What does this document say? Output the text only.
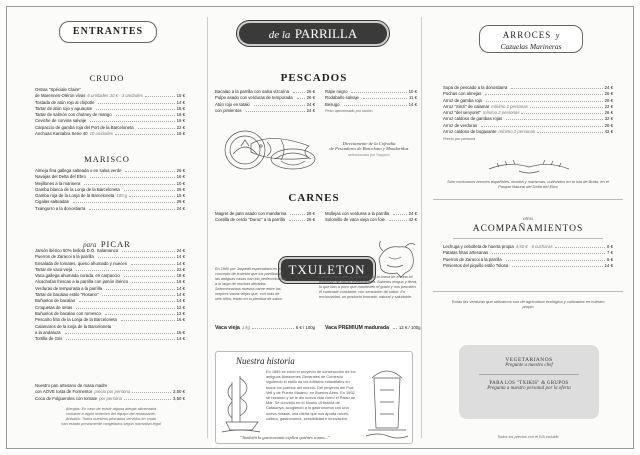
ENTRANTES
CRUDO
Ostras "Spéciale Claire"
de Marennes-Oléron vivas 6 unidades 30 € · 3 unidades	15 €
Tostada de atún rojo al chipotle	14 €
Tartar de atún rojo y aguacate	18 €
Tartar de salmón con chutney de mango	16 €
Ceviche de corvina salvaje	16 €
Carpaccio de gamba roja del Port de la Barceloneta	22 €
Anchoas Kantabra Serie 40 10 unidades	18 €
MARISCO
Almeja fina gallega salteada o en salsa verde	26 €
Navajas del Delta del Ebro	16 €
Mejillones a la marinera	10 €
Gamba blanca de la Lonja de la Barceloneta	26 €
Gamba roja de la Lonja de la Barceloneta 100 g	15 €
Cigalas salteadas	28 €
Txangurro a la donostiarra	24 €
para PICAR
Jamón ibérico 50% bellota D.O. Salamanca	24 €
Puerros de Zaracoi a la parrilla	14 €
Ensalada de tomates, queso ahumado y nueces	14 €
Tartar de vaca vieja	22 €
Vaca gallega ahumada curada, en carpaccio	18 €
Alcachofas frescas a la parrilla con jamón ibérico	16 €
Verduras de temporada a la parrilla	14 €
Tartar de bacalao estilo "Rosario"	14 €
Buñuelos de bacalao	14 €
Croquetas de setas	12 €
Buñuelos de bacalao con romesco	12 €
Pescaíto frito de la Lonja de la Barceloneta	16 €
Calamares de la lonja de la Barceloneta
a la andaluza	16 €
Tortilla de Gris	14 €
Nuestro pan artesano de masa madre
con AOVE tosta de Formentor precio por persona	2,50 €
Coca de Folgueroles con tomate por persona	3,50 €
Alergias: En caso de existir alguna alergia alimentaria
contacte a algún miembro del equipo del restaurante.
Anisakis: Todos nuestros pescados servidos en crudo
han estado previamente congelados según normativa legal
de la PARRILLA
PESCADOS
Bacalao a la parrilla con salsa vizcaína	26 €
Pulpo asado con verduras de temporada	26 €
Atún rojo en tataki	24 €
con pimientos	24 €
Rape negro	10 €
Rodaballo salvaje	11 €
Besugo	14 €
Peso aproximado por ración
Directamente de la Cofradía
de Pescadores de Barcelona y Mondariñas
seleccionado por Sapporo
CARNES
Magret de pato asado con mandarina	28 €
Costilla de cerdo "Duroc" a la parrilla	26 €
Mollejas con verduras a la parrilla	24 €
Solomillo de vaca vieja con foie	42 €
TXULETON
En 1960 por Jaspedil especialista en el concepto de txuletón que los parrillas de las antiguas casas han ido perfeccionando a lo largo de muchas décadas. Seleccionamos nuestra carne entre las mejores vacas viejas que, con más de seis años, están en la plenitud de sabor.
Carnes rojas que, al contacto con la brasa de encina se expresan de forma extraordinaria. Saberes lengua y tierra, lo que dan a poco que mantienen el gusto y nos permiten el contraste constante, con sensación de sabor. En exclusividad, un producto honrado, natural y saludable.
Vaca vieja 1 kg	6 € / 100g Vaca PREMIUM madurada 12 € / 100g
Nuestra historia
En 1895 se inició el proyecto de construcción de los antiguos Almacenes Generales de Comercio siguiendo el estilo de los edificios industriales en todos los puertos del mundo. Del proyecto del Port Vell y de Puerto Madero, en Buenos Aires. En 1992 se restauró y se le dio nueva vida como el Palau de Mar. Se convirtió en el Museu d'Història de Catalunya, acogiendo a la gastronomía con una nueva mirada, una oferta que nos aporta raíces, cultura, gastronomía, sensibilidad e innovación.
"También la gastronomía explica quiénes somos..."
ARROCES y
Cazuelas Marineras
Sopa de pescado a la donostiarra	24 €
Pochas con almejas	26 €
Arroz de gamba roja	26 €
Arroz "Sinzi" de calamar mínimo 2 personas	22 €
Arroz "del senyoret" mínimo 2 personas	26 €
Arroz caldoso de gambas rojas	32 €
Arroz de verduras	26 €
Arroz caldoso de bogavante mínimo 2 personas	42 €
Precio por persona
Solo cocinamos arroces españoles, bomba y marismas, cultivados en la isla de Buda, en el Parque Natural del Delta del Ebro
otros
ACOMPAÑAMIENTOS
Lechuga y cebolleta de huerta propia 4,50 € · 6 cucharas	6 €
Patatas fritas artesanas	7 €
Puerros de Zaracoi a la parrilla	8 €
Pimientos del piquillo estilo Tolosa	14 €
Todas las verduras que utilizamos son de agricultura ecológica y cultivadas en nuestro propio
VEGETARIANOS
Pregunte a nuestro chef
PARA LOS "TXIKIS" & GRUPOS
Pregunta a nuestro personal por la oferta
Todos los precios con el IVA incluido
